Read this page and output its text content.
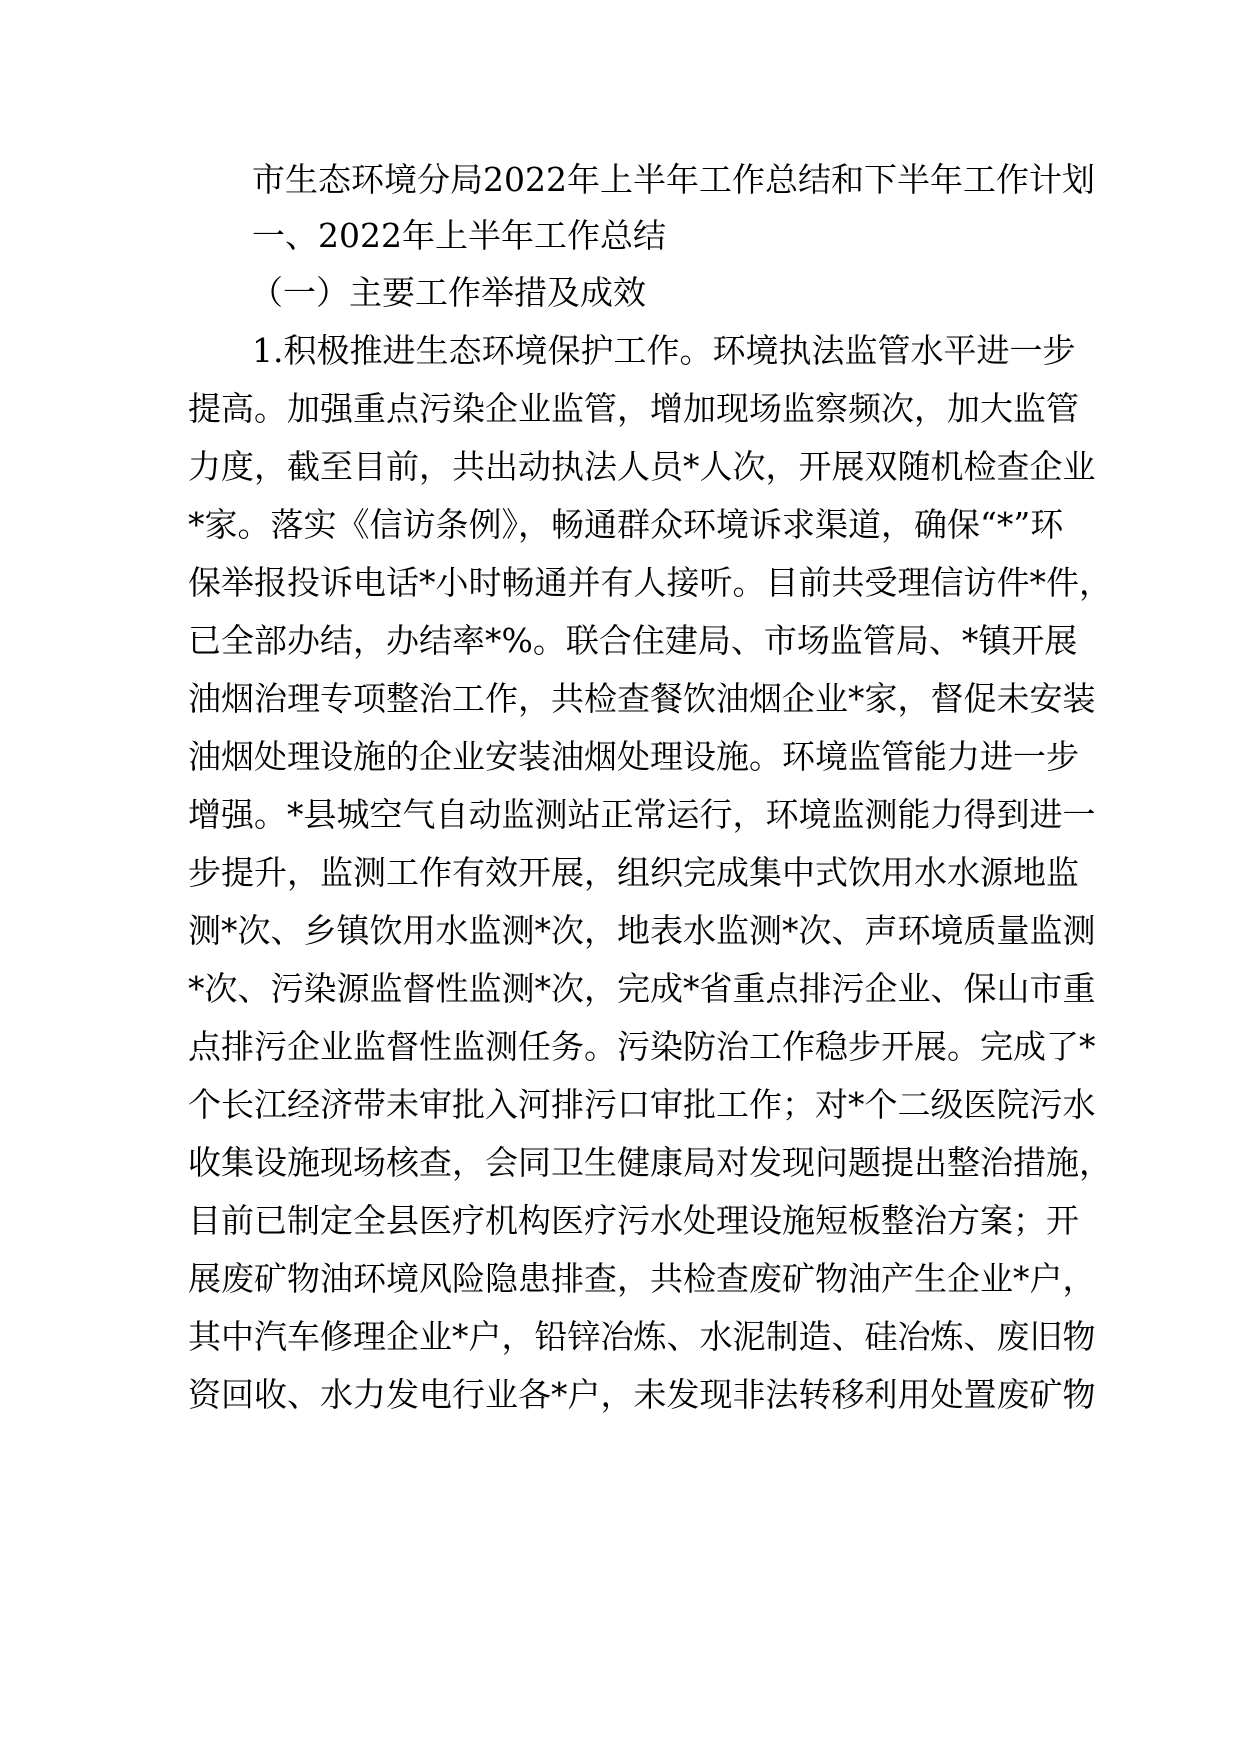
市生态环境分局2022年上半年工作总结和下半年工作计划
一、2022年上半年工作总结
（一）主要工作举措及成效
1.积极推进生态环境保护工作。环境执法监管水平进一步
提高。加强重点污染企业监管，增加现场监察频次，加大监管
力度，截至目前，共出动执法人员*人次，开展双随机检查企业
*家。落实《信访条例》，畅通群众环境诉求渠道，确保“*”环
保举报投诉电话*小时畅通并有人接听。目前共受理信访件*件，
已全部办结，办结率*%。联合住建局、市场监管局、*镇开展
油烟治理专项整治工作，共检查餐饮油烟企业*家，督促未安装
油烟处理设施的企业安装油烟处理设施。环境监管能力进一步
增强。*县城空气自动监测站正常运行，环境监测能力得到进一
步提升，监测工作有效开展，组织完成集中式饮用水水源地监
测*次、乡镇饮用水监测*次，地表水监测*次、声环境质量监测
*次、污染源监督性监测*次，完成*省重点排污企业、保山市重
点排污企业监督性监测任务。污染防治工作稳步开展。完成了*
个长江经济带未审批入河排污口审批工作；对*个二级医院污水
收集设施现场核查，会同卫生健康局对发现问题提出整治措施，
目前已制定全县医疗机构医疗污水处理设施短板整治方案；开
展废矿物油环境风险隐患排查，共检查废矿物油产生企业*户，
其中汽车修理企业*户，铅锌冶炼、水泥制造、硅冶炼、废旧物
资回收、水力发电行业各*户，未发现非法转移利用处置废矿物
